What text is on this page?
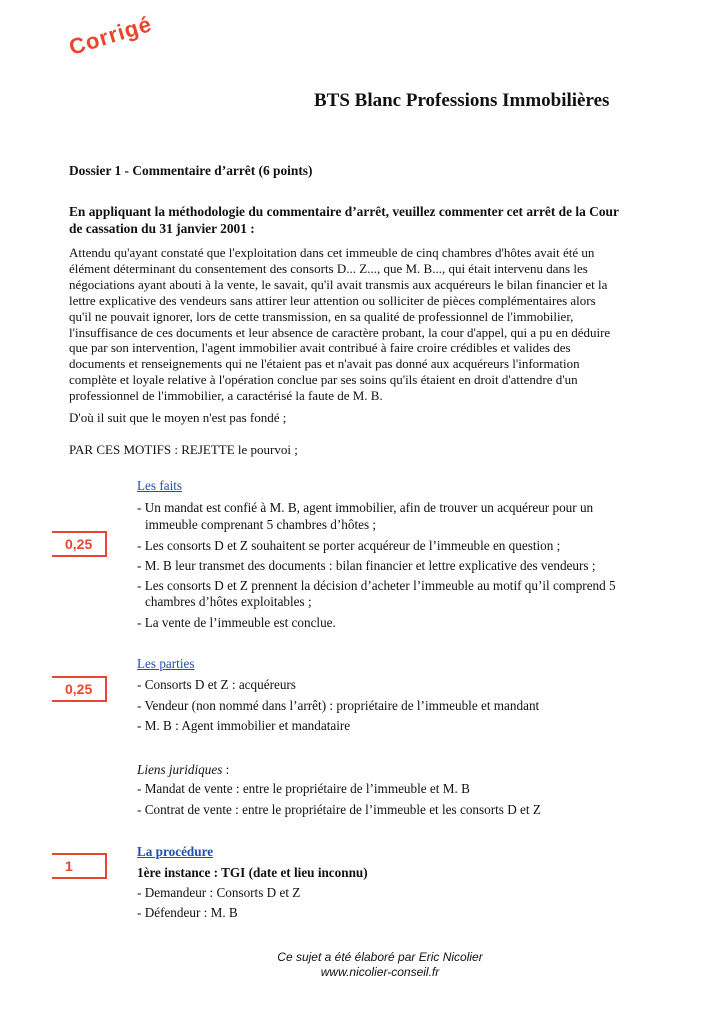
Corrigé
BTS Blanc Professions Immobilières
Dossier 1 - Commentaire d’arrêt (6 points)
En appliquant la méthodologie du commentaire d’arrêt, veuillez commenter cet arrêt de la Cour
de cassation du 31 janvier 2001 :
Attendu qu'ayant constaté que l'exploitation dans cet immeuble de cinq chambres d'hôtes avait été un
élément déterminant du consentement des consorts D... Z..., que M. B..., qui était intervenu dans les
négociations ayant abouti à la vente, le savait, qu'il avait transmis aux acquéreurs le bilan financier et la
lettre explicative des vendeurs sans attirer leur attention ou solliciter de pièces complémentaires alors
qu'il ne pouvait ignorer, lors de cette transmission, en sa qualité de professionnel de l'immobilier,
l'insuffisance de ces documents et leur absence de caractère probant, la cour d'appel, qui a pu en déduire
que par son intervention, l'agent immobilier avait contribué à faire croire crédibles et valides des
documents et renseignements qui ne l'étaient pas et n'avait pas donné aux acquéreurs l'information
complète et loyale relative à l'opération conclue par ses soins qu'ils étaient en droit d'attendre d'un
professionnel de l'immobilier, a caractérisé la faute de M. B.
D'où il suit que le moyen n'est pas fondé ;
PAR CES MOTIFS : REJETTE le pourvoi ;
Les faits
- Un mandat est confié à M. B, agent immobilier, afin de trouver un acquéreur pour un
immeuble comprenant 5 chambres d’hôtes ;
- Les consorts D et Z souhaitent se porter acquéreur de l’immeuble en question ;
- M. B leur transmet des documents : bilan financier et lettre explicative des vendeurs ;
- Les consorts D et Z prennent la décision d’acheter l’immeuble au motif qu’il comprend 5
chambres d’hôtes exploitables ;
- La vente de l’immeuble est conclue.
0,25
Les parties
- Consorts D et Z : acquéreurs
- Vendeur (non nommé dans l’arrêt) : propriétaire de l’immeuble et mandant
- M. B : Agent immobilier et mandataire
0,25
Liens juridiques :
- Mandat de vente : entre le propriétaire de l’immeuble et M. B
- Contrat de vente : entre le propriétaire de l’immeuble et les consorts D et Z
La procédure
1ère instance : TGI (date et lieu inconnu)
- Demandeur : Consorts D et Z
- Défendeur : M. B
1
Ce sujet a été élaboré par Eric Nicolier
www.nicolier-conseil.fr
